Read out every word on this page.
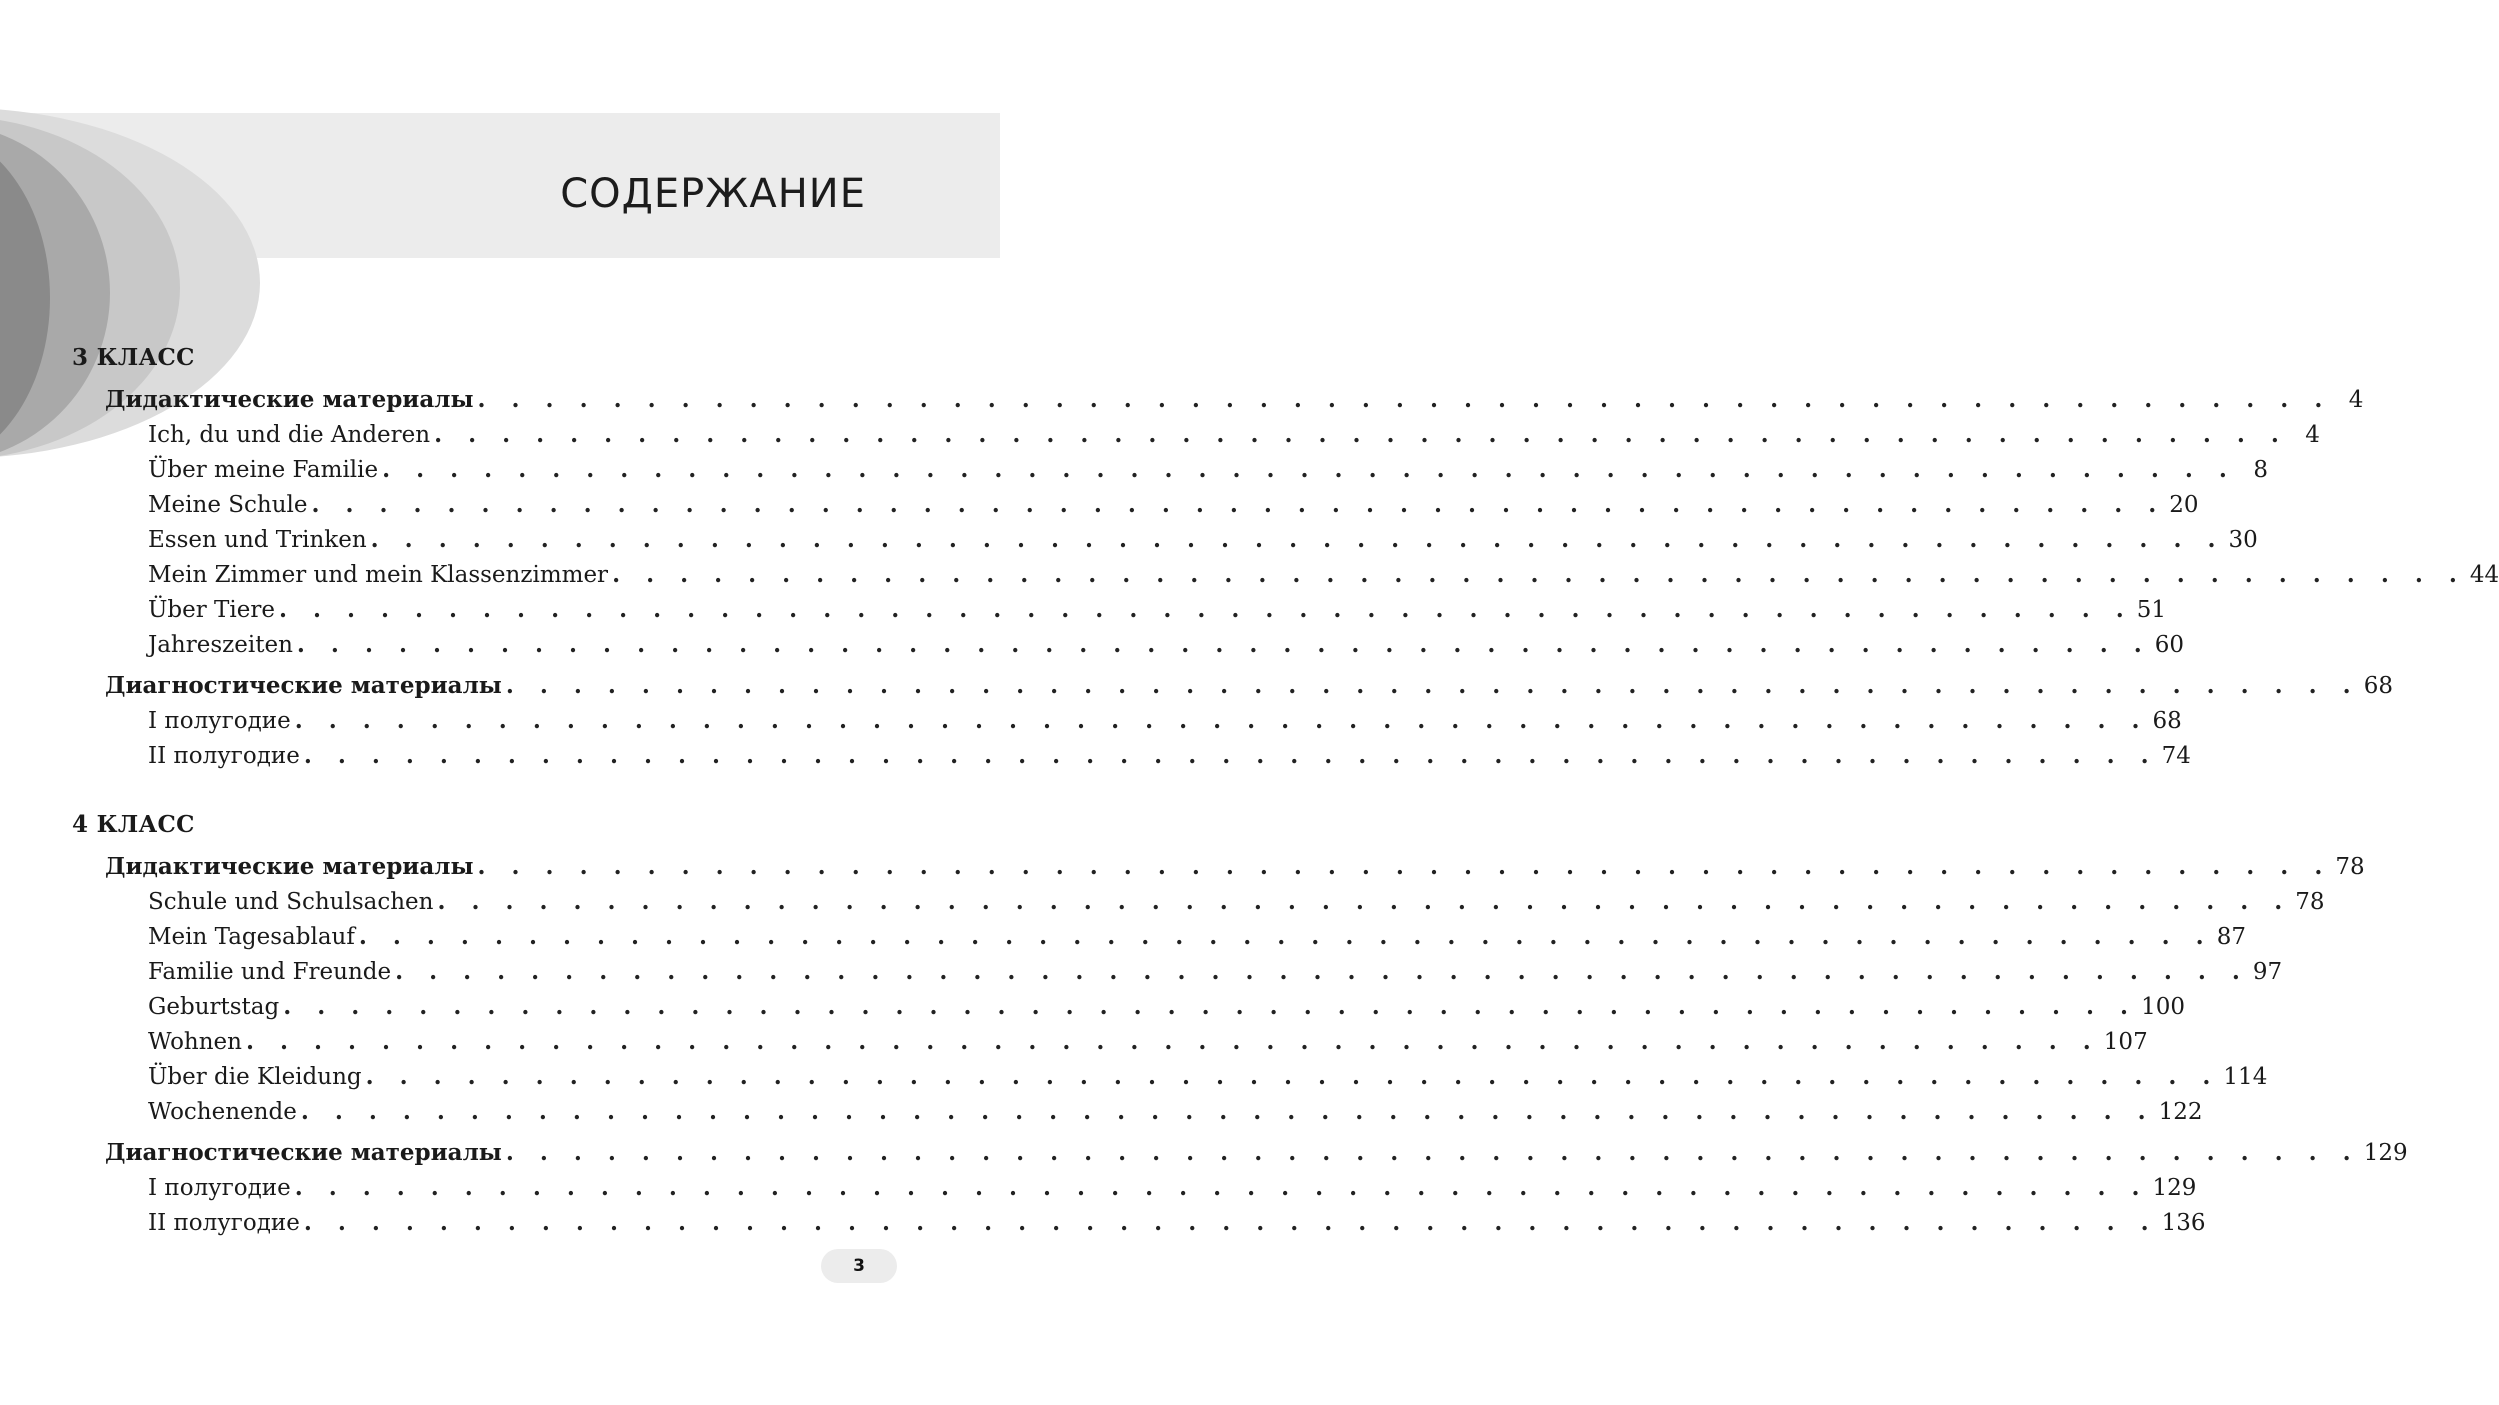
СОДЕРЖАНИЕ
3 КЛАСС
Дидактические материалы . . . . . . . . . . . . . . . . . . . . . . . . . . . . . . . . . . . . . . . . . . . . . . . . . . . . . . . 4
Ich, du und die Anderen . . . . . . . . . . . . . . . . . . . . . . . . . . . . . . . . . . . . . . . . . . . . . . . . . . . . . . . 4
Über meine Familie . . . . . . . . . . . . . . . . . . . . . . . . . . . . . . . . . . . . . . . . . . . . . . . . . . . . . . . 8
Meine Schule . . . . . . . . . . . . . . . . . . . . . . . . . . . . . . . . . . . . . . . . . . . . . . . . . . . . . . . 20
Essen und Trinken . . . . . . . . . . . . . . . . . . . . . . . . . . . . . . . . . . . . . . . . . . . . . . . . . . . . . . . 30
Mein Zimmer und mein Klassenzimmer . . . . . . . . . . . . . . . . . . . . . . . . . . . . . . . . . . . . . . . . . . . . . . . . . . . . . . . 44
Über Tiere . . . . . . . . . . . . . . . . . . . . . . . . . . . . . . . . . . . . . . . . . . . . . . . . . . . . . . . 51
Jahreszeiten . . . . . . . . . . . . . . . . . . . . . . . . . . . . . . . . . . . . . . . . . . . . . . . . . . . . . . . 60
Диагностические материалы . . . . . . . . . . . . . . . . . . . . . . . . . . . . . . . . . . . . . . . . . . . . . . . . . . . . . . . 68
I полугодие . . . . . . . . . . . . . . . . . . . . . . . . . . . . . . . . . . . . . . . . . . . . . . . . . . . . . . . 68
II полугодие . . . . . . . . . . . . . . . . . . . . . . . . . . . . . . . . . . . . . . . . . . . . . . . . . . . . . . . 74
4 КЛАСС
Дидактические материалы . . . . . . . . . . . . . . . . . . . . . . . . . . . . . . . . . . . . . . . . . . . . . . . . . . . . . . . 78
Schule und Schulsachen . . . . . . . . . . . . . . . . . . . . . . . . . . . . . . . . . . . . . . . . . . . . . . . . . . . . . . . 78
Mein Tagesablauf . . . . . . . . . . . . . . . . . . . . . . . . . . . . . . . . . . . . . . . . . . . . . . . . . . . . . . . 87
Familie und Freunde . . . . . . . . . . . . . . . . . . . . . . . . . . . . . . . . . . . . . . . . . . . . . . . . . . . . . . . 97
Geburtstag . . . . . . . . . . . . . . . . . . . . . . . . . . . . . . . . . . . . . . . . . . . . . . . . . . . . . . . 100
Wohnen . . . . . . . . . . . . . . . . . . . . . . . . . . . . . . . . . . . . . . . . . . . . . . . . . . . . . . . 107
Über die Kleidung . . . . . . . . . . . . . . . . . . . . . . . . . . . . . . . . . . . . . . . . . . . . . . . . . . . . . . . 114
Wochenende . . . . . . . . . . . . . . . . . . . . . . . . . . . . . . . . . . . . . . . . . . . . . . . . . . . . . . . 122
Диагностические материалы . . . . . . . . . . . . . . . . . . . . . . . . . . . . . . . . . . . . . . . . . . . . . . . . . . . . . . . 129
I полугодие . . . . . . . . . . . . . . . . . . . . . . . . . . . . . . . . . . . . . . . . . . . . . . . . . . . . . . . 129
II полугодие . . . . . . . . . . . . . . . . . . . . . . . . . . . . . . . . . . . . . . . . . . . . . . . . . . . . . . . 136
3
